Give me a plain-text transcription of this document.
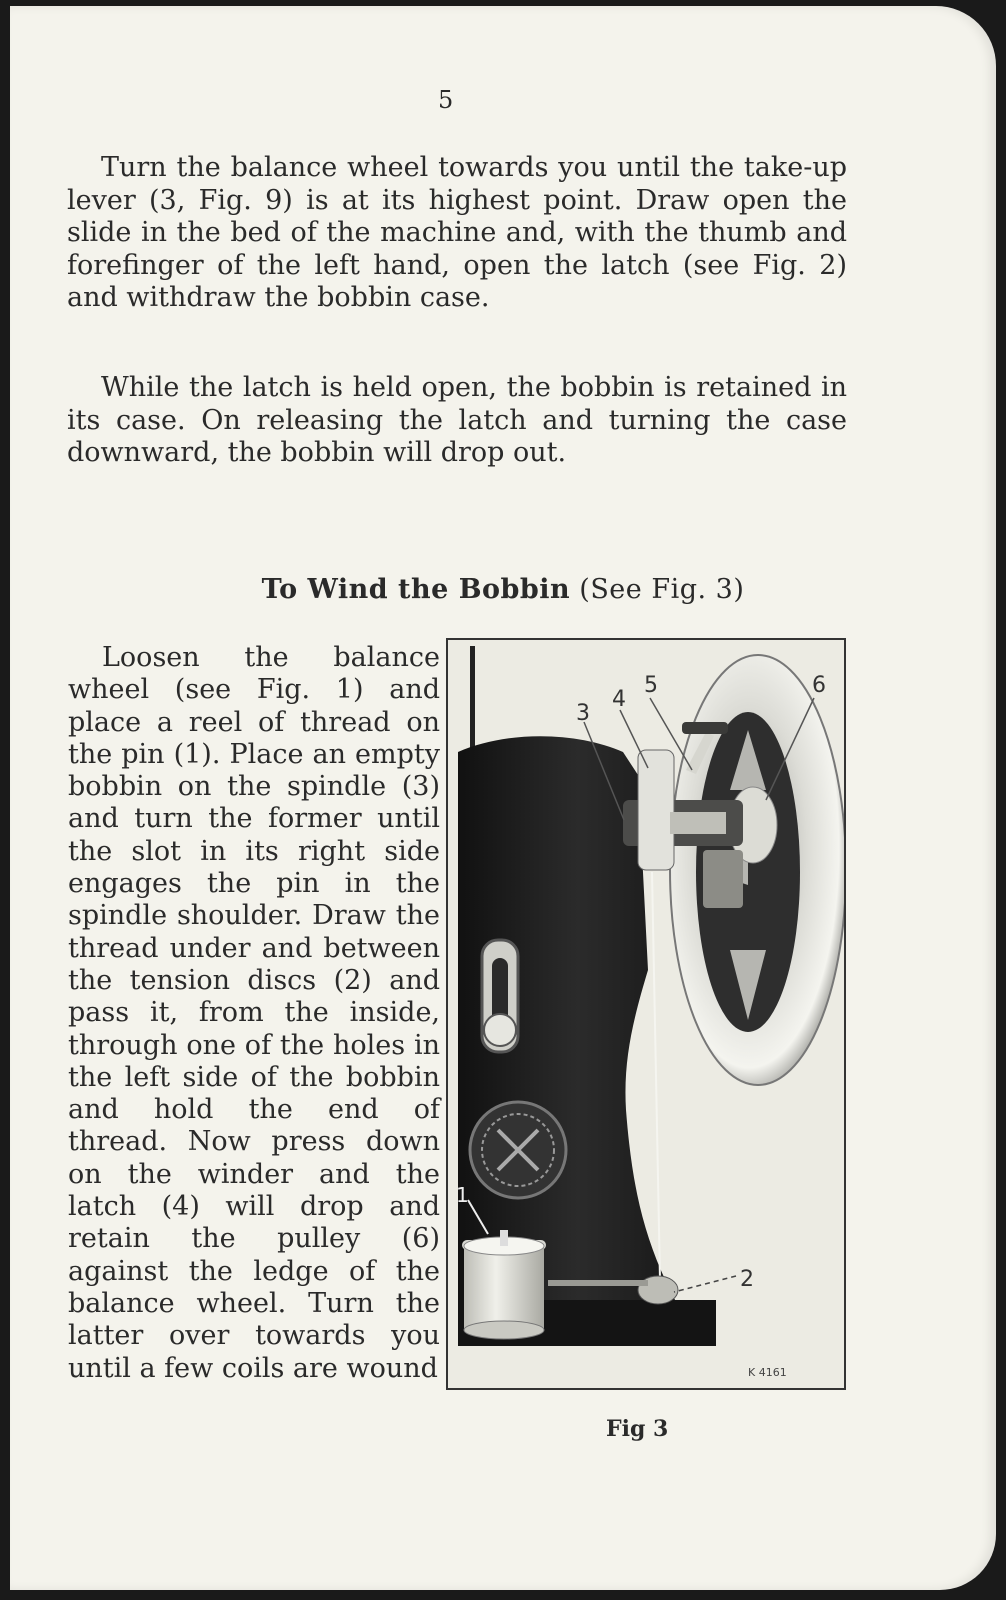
5

Turn the balance wheel towards you until the take-up lever (3, Fig. 9) is at its highest point. Draw open the slide in the bed of the machine and, with the thumb and forefinger of the left hand, open the latch (see Fig. 2) and withdraw the bobbin case.

While the latch is held open, the bobbin is retained in its case. On releasing the latch and turning the case downward, the bobbin will drop out.

To Wind the Bobbin (See Fig. 3)

Loosen the balance wheel (see Fig. 1) and place a reel of thread on the pin (1). Place an empty bobbin on the spindle (3) and turn the former until the slot in its right side engages the pin in the spindle shoulder. Draw the thread under and between the tension discs (2) and pass it, from the inside, through one of the holes in the left side of the bobbin and hold the end of thread. Now press down on the winder and the latch (4) will drop and retain the pulley (6) against the ledge of the balance wheel. Turn the latter over towards you until a few coils are wound

3
4
5	6
2
1
K 4161
Fig 3
